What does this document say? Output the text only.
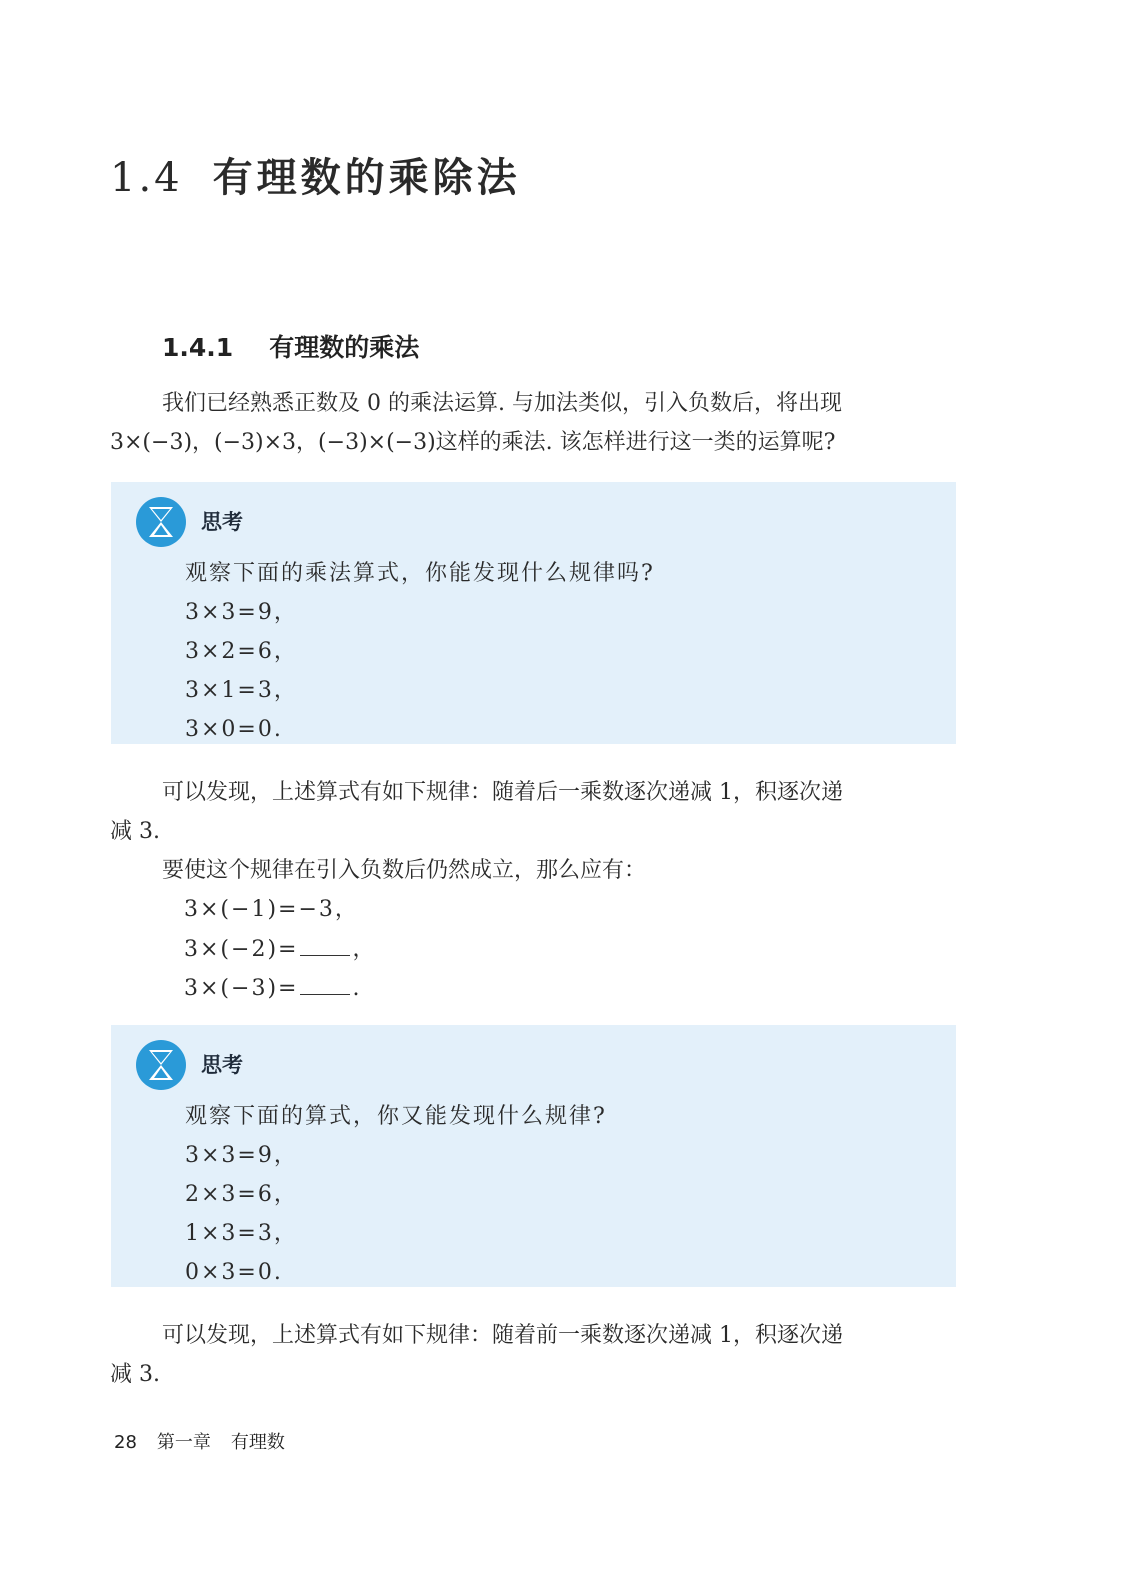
1.4 有理数的乘除法
1.4.1 有理数的乘法

我们已经熟悉正数及 0 的乘法运算. 与加法类似，引入负数后，将出现

3×(−3)，(−3)×3，(−3)×(−3)这样的乘法. 该怎样进行这一类的运算呢?

思考

观察下面的乘法算式，你能发现什么规律吗?
3×3=9，
3×2=6，
3×1=3，
3×0=0.

可以发现，上述算式有如下规律：随着后一乘数逐次递减 1，积逐次递

减 3.

要使这个规律在引入负数后仍然成立，那么应有：

3×(−1)=−3，
3×(−2)= ，
3×(−3)= .

思考

观察下面的算式，你又能发现什么规律?
3×3=9，
2×3=6，
1×3=3，
0×3=0.

可以发现，上述算式有如下规律：随着前一乘数逐次递减 1，积逐次递

减 3.

28 第一章 有理数
